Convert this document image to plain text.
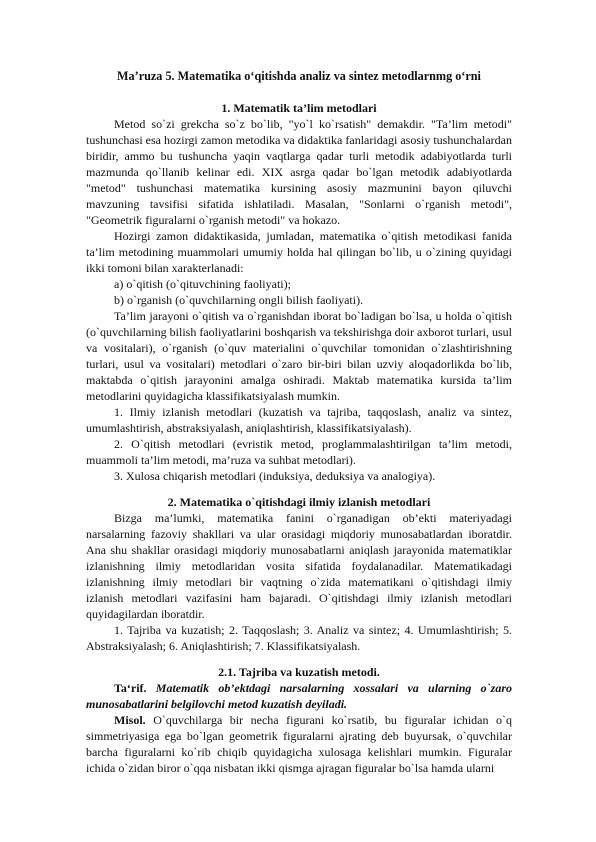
Ma’ruza 5. Matematika o‘qitishda analiz va sintez metodlarnmg o‘rni
1. Matematik ta’lim metodlari

Metod so`zi grekcha so`z bo`lib, "yo`l ko`rsatish" demakdir. "Ta’lim metodi" tushunchasi esa hozirgi zamon metodika va didaktika fanlaridagi asosiy tushunchalardan biridir, ammo bu tushuncha yaqin vaqtlarga qadar turli metodik adabiyotlarda turli mazmunda qo`llanib kelinar edi. XIX asrga qadar bo`lgan metodik adabiyotlarda "metod" tushunchasi matematika kursining asosiy mazmunini bayon qiluvchi mavzuning tavsifisi sifatida ishlatiladi. Masalan, "Sonlarni o`rganish metodi", "Geometrik figuralarni o`rganish metodi" va hokazo.

Hozirgi zamon didaktikasida, jumladan, matematika o`qitish metodikasi fanida ta’lim metodining muammolari umumiy holda hal qilingan bo`lib, u o`zining quyidagi ikki tomoni bilan xarakterlanadi:

a) o`qitish (o`qituvchining faoliyati);
b) o`rganish (o`quvchilarning ongli bilish faoliyati).

Ta’lim jarayoni o`qitish va o`rganishdan iborat bo`ladigan bo`lsa, u holda o`qitish (o`quvchilarning bilish faoliyatlarini boshqarish va tekshirishga doir axborot turlari, usul va vositalari), o`rganish (o`quv materialini o`quvchilar tomonidan o`zlashtirishning turlari, usul va vositalari) metodlari o`zaro bir-biri bilan uzviy aloqadorlikda bo`lib, maktabda o`qitish jarayonini amalga oshiradi. Maktab matematika kursida ta’lim metodlarini quyidagicha klassifikatsiyalash mumkin.

1. Ilmiy izlanish metodlari (kuzatish va tajriba, taqqoslash, analiz va sintez, umumlashtirish, abstraksiyalash, aniqlashtirish, klassifikatsiyalash).

2. O`qitish metodlari (evristik metod, proglammalashtirilgan ta’lim metodi, muammoli ta’lim metodi, ma’ruza va suhbat metodlari).

3. Xulosa chiqarish metodlari (induksiya, deduksiya va analogiya).

2. Matematika o`qitishdagi ilmiy izlanish metodlari

Bizga ma’lumki, matematika fanini o`rganadigan ob’ekti materiyadagi narsalarning fazoviy shakllari va ular orasidagi miqdoriy munosabatlardan iboratdir. Ana shu shakllar orasidagi miqdoriy munosabatlarni aniqlash jarayonida matematiklar izlanishning ilmiy metodlaridan vosita sifatida foydalanadilar. Matematikadagi izlanishning ilmiy metodlari bir vaqtning o`zida matematikani o`qitishdagi ilmiy izlanish metodlari vazifasini ham bajaradi. O`qitishdagi ilmiy izlanish metodlari quyidagilardan iboratdir.

1. Tajriba va kuzatish; 2. Taqqoslash; 3. Analiz va sintez; 4. Umumlashtirish; 5. Abstraksiyalash; 6. Aniqlashtirish; 7. Klassifikatsiyalash.

2.1. Tajriba va kuzatish metodi.

Ta‘rif. Matematik ob’ektdagi narsalarning xossalari va ularning o`zaro munosabatlarini belgilovchi metod kuzatish deyiladi.

Misol. O`quvchilarga bir necha figurani ko`rsatib, bu figuralar ichidan o`q simmetriyasiga ega bo`lgan geometrik figuralarni ajrating deb buyursak, o`quvchilar barcha figuralarni ko`rib chiqib quyidagicha xulosaga kelishlari mumkin. Figuralar ichida o`zidan biror o`qqa nisbatan ikki qismga ajragan figuralar bo`lsa hamda ularni
